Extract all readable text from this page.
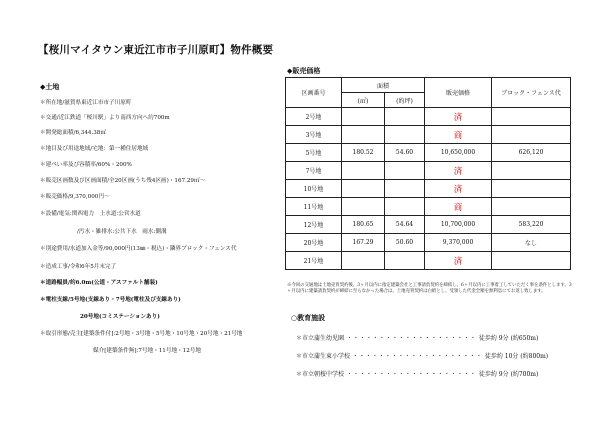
【桜川マイタウン東近江市市子川原町】物件概要
◆土地
＊所在地/滋賀県東近江市市子川原町
＊交通/近江鉄道「桜川駅」より南西方向へ約700m
＊開発総面積/6,344.38㎡
＊地目及び用途地域/宅地：第一種住居地域
＊建ぺい率及び容積率/60%・200%
＊販売区画数及び区画面積/全20区画(うち残4区画)・167.29㎡～
＊販売価格/9,370,000円～
＊設備/電気:関西電力　上水道:公営水道
/汚水・雑排水:公共下水　雨水:側溝
＊別途費用/水道加入金等/90,000円(13㎜・税込)・隣界ブロック・フェンス代
＊造成工事/令和6年5月末完了
＊道路幅員/約6.0m(公道・アスファルト舗装)
＊電柱支線/5号地(支線あり・7号地(電柱及び支線あり)
20号地(コミステーションあり)
＊取引形態/売主[建築条件付]:2号地・3号地・5号地・10号地・20号地・21号地
媒介[建築条件無]:7号地・11号地・12号地
◆販売価格
区画番号	面積		販売価格	ブロック・フェンス代
	(㎡)	(約坪)		
2号地			済	
3号地			商	
5号地	180.52	54.60	10,650,000	626,120
7号地			済	
10号地			済	
11号地			商	
12号地	180.65	54.64	10,700,000	583,220
20号地	167.29	50.60	9,370,000	なし
21号地			済	
※今回の交通地は土地売買契約後、3ヶ月以内に指定建築会社と工事請負契約を締結し、6ヶ月以内に工事着工していただく事を条件とします。3ヶ月以内に建築請負契約が締結に至らなかった場合は、土地売買契約は白紙とし、受領した代金全額を無利息にてお返し致します。
○教育施設
＊市立蒲生幼児園 ・・・・・・・・・・・・・・・・・・・・ 徒歩約 9分 (約650m)
＊市立蒲生東小学校 ・・・・・・・・・・・・・・・・・・・・ 徒歩約 10分 (約800m)
＊市立朝桜中学校 ・・・・・・・・・・・・・・・・・・・・ 徒歩約 9分 (約700m)
